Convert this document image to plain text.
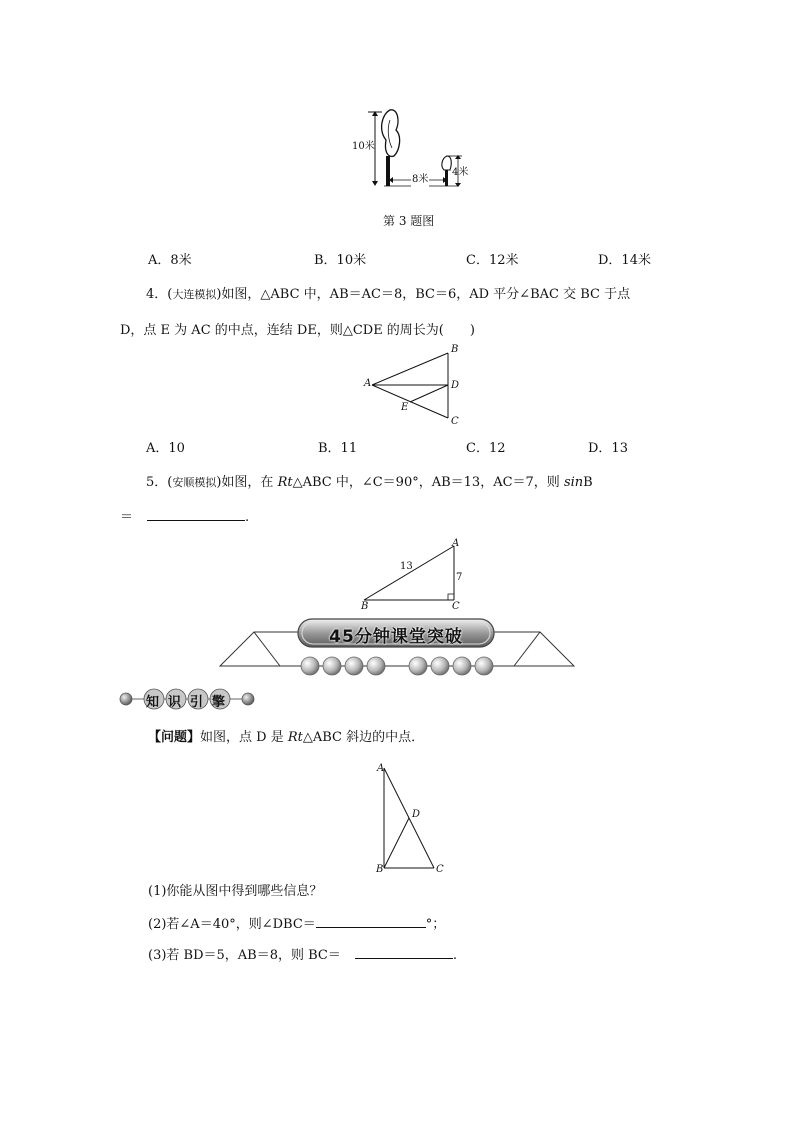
10米
8米
4米
第 3 题图
A．8米	B．10米	C．12米	D．14米
4．(大连模拟)如图，△ABC 中，AB＝AC＝8，BC＝6，AD 平分∠BAC 交 BC 于点
D，点 E 为 AC 的中点，连结 DE，则△CDE 的周长为(　　)
A
B
D
E
C
A．10	B．11	C．12	D．13
5．(安顺模拟)如图，在 Rt△ABC 中，∠C＝90°，AB＝13，AC＝7，则 sinB
＝	.
A
B	C
13
7
45分钟课堂突破
知 识 引 擎
【问题】如图，点 D 是 Rt△ABC 斜边的中点．
A
D
B	C
(1)你能从图中得到哪些信息？
(2)若∠A＝40°，则∠DBC＝	°；
(3)若 BD＝5，AB＝8，则 BC＝	.
